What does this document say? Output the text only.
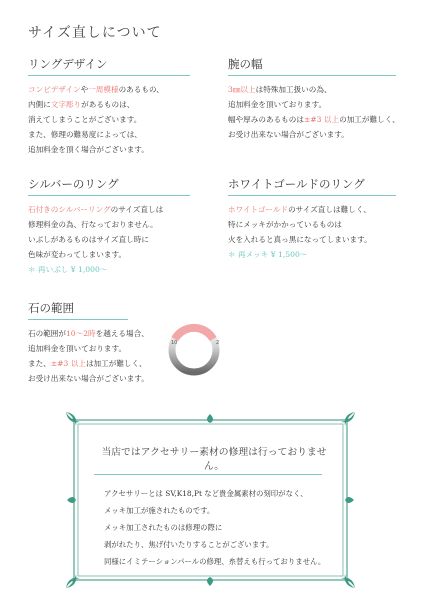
サイズ直しについて
リングデザイン
コンビデザインや一周模様のあるもの、
内側に文字彫りがあるものは、
消えてしまうことがございます。
また、修理の難易度によっては、
追加料金を頂く場合がございます。
腕の幅
3㎜以上は特殊加工扱いの為、
追加料金を頂いております。
幅や厚みのあるものは±#3 以上の加工が難しく、
お受け出来ない場合がございます。
シルバーのリング
石付きのシルバーリングのサイズ直しは
修理料金の為、行なっておりません。
いぶしがあるものはサイズ直し時に
色味が変わってしまいます。
＊ 再いぶし ¥ 1,000～
ホワイトゴールドのリング
ホワイトゴールドのサイズ直しは難しく、
特にメッキがかかっているものは
火を入れると真っ黒になってしまいます。
＊ 再メッキ ¥ 1,500～
石の範囲
石の範囲が10～2時を越える場合、
追加料金を頂いております。
また、±#3 以上は加工が難しく、
お受け出来ない場合がございます。
10	2
当店ではアクセサリー素材の修理は行っておりません。
アクセサリーとは SV,K18,Pt など貴金属素材の刻印がなく、
メッキ加工が施されたものです。
メッキ加工されたものは修理の際に
剥がれたり、焦げ付いたりすることがございます。
同様にイミテーションパールの修理、糸替えも行っておりません。
